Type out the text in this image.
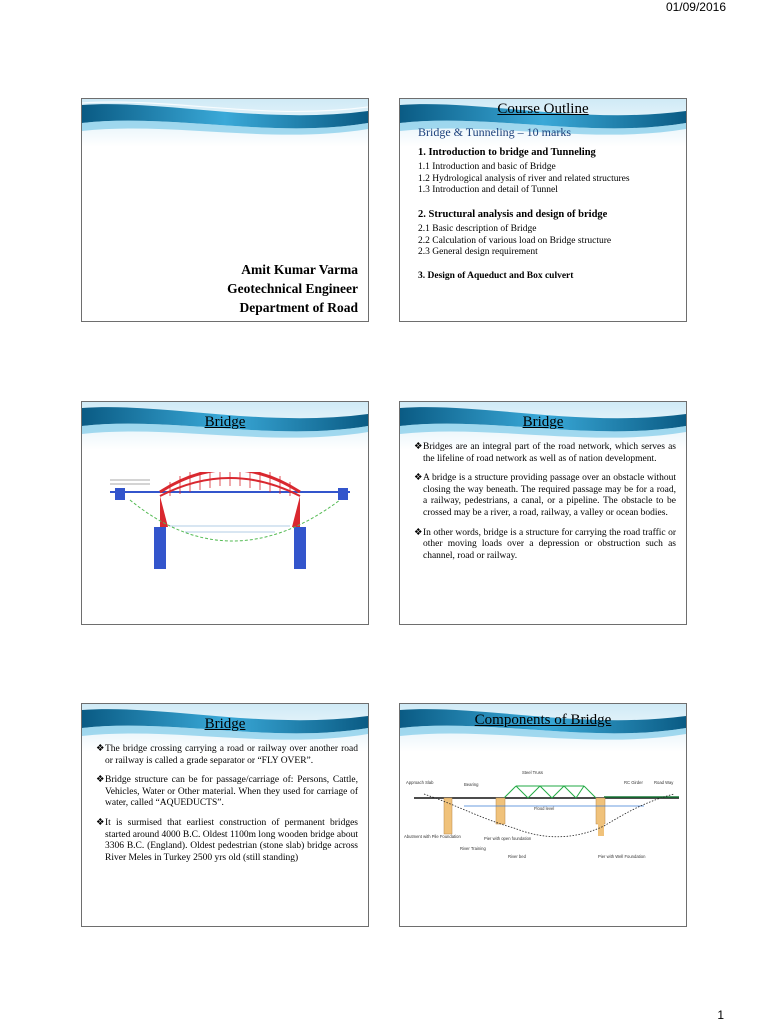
01/09/2016
Amit Kumar Varma
Geotechnical Engineer
Department of Road
Course Outline
Bridge & Tunneling – 10 marks
1. Introduction to bridge and Tunneling
1.1 Introduction and basic of Bridge
1.2 Hydrological analysis of river and related structures
1.3 Introduction and detail of Tunnel
2. Structural analysis and design of bridge
2.1 Basic description of Bridge
2.2 Calculation of various load on Bridge structure
2.3 General design requirement
3. Design of Aqueduct and Box culvert
Bridge	Bridge

❖Bridges are an integral part of the road network, which serves as the lifeline of road network as well as of nation development.

❖A bridge is a structure providing passage over an obstacle without closing the way beneath. The required passage may be for a road, a railway, pedestrians, a canal, or a pipeline. The obstacle to be crossed may be a river, a road, railway, a valley or ocean bodies.

❖In other words, bridge is a structure for carrying the road traffic or other moving loads over a depression or obstruction such as channel, road or railway.

Bridge

❖The bridge crossing carrying a road or railway over another road or railway is called a grade separator or “FLY OVER”.

❖Bridge structure can be for passage/carriage of: Persons, Cattle, Vehicles, Water or Other material. When they used for carriage of water, called “AQUEDUCTS”.

❖It is surmised that earliest construction of permanent bridges started around 4000 B.C. Oldest 1100m long wooden bridge about 3306 B.C. (England). Oldest pedestrian (stone slab) bridge across River Meles in Turkey 2500 yrs old (still standing)

Components of Bridge
Steel Truss
Approach Slab	Bearing	RC Girder	Road Way
Flood level
Abutment with Pile Foundation
River Training
Pier with open foundation
River bed	Pier with Well Foundation
1
